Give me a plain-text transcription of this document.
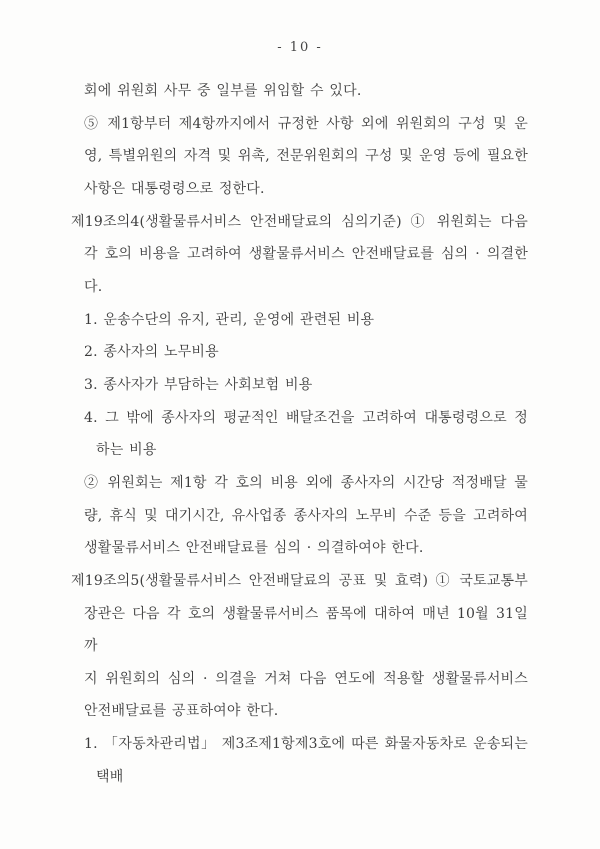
- 10 -
회에 위원회 사무 중 일부를 위임할 수 있다.
⑤ 제1항부터 제4항까지에서 규정한 사항 외에 위원회의 구성 및 운
영, 특별위원의 자격 및 위촉, 전문위원회의 구성 및 운영 등에 필요한
사항은 대통령령으로 정한다.
제19조의4(생활물류서비스 안전배달료의 심의기준) ① 위원회는 다음
각 호의 비용을 고려하여 생활물류서비스 안전배달료를 심의 · 의결한
다.
1. 운송수단의 유지, 관리, 운영에 관련된 비용
2. 종사자의 노무비용
3. 종사자가 부담하는 사회보험 비용
4. 그 밖에 종사자의 평균적인 배달조건을 고려하여 대통령령으로 정
하는 비용
② 위원회는 제1항 각 호의 비용 외에 종사자의 시간당 적정배달 물
량, 휴식 및 대기시간, 유사업종 종사자의 노무비 수준 등을 고려하여
생활물류서비스 안전배달료를 심의 · 의결하여야 한다.
제19조의5(생활물류서비스 안전배달료의 공표 및 효력) ① 국토교통부
장관은 다음 각 호의 생활물류서비스 품목에 대하여 매년 10월 31일까
지 위원회의 심의 · 의결을 거쳐 다음 연도에 적용할 생활물류서비스
안전배달료를 공표하여야 한다.
1. 「자동차관리법」 제3조제1항제3호에 따른 화물자동차로 운송되는
택배
